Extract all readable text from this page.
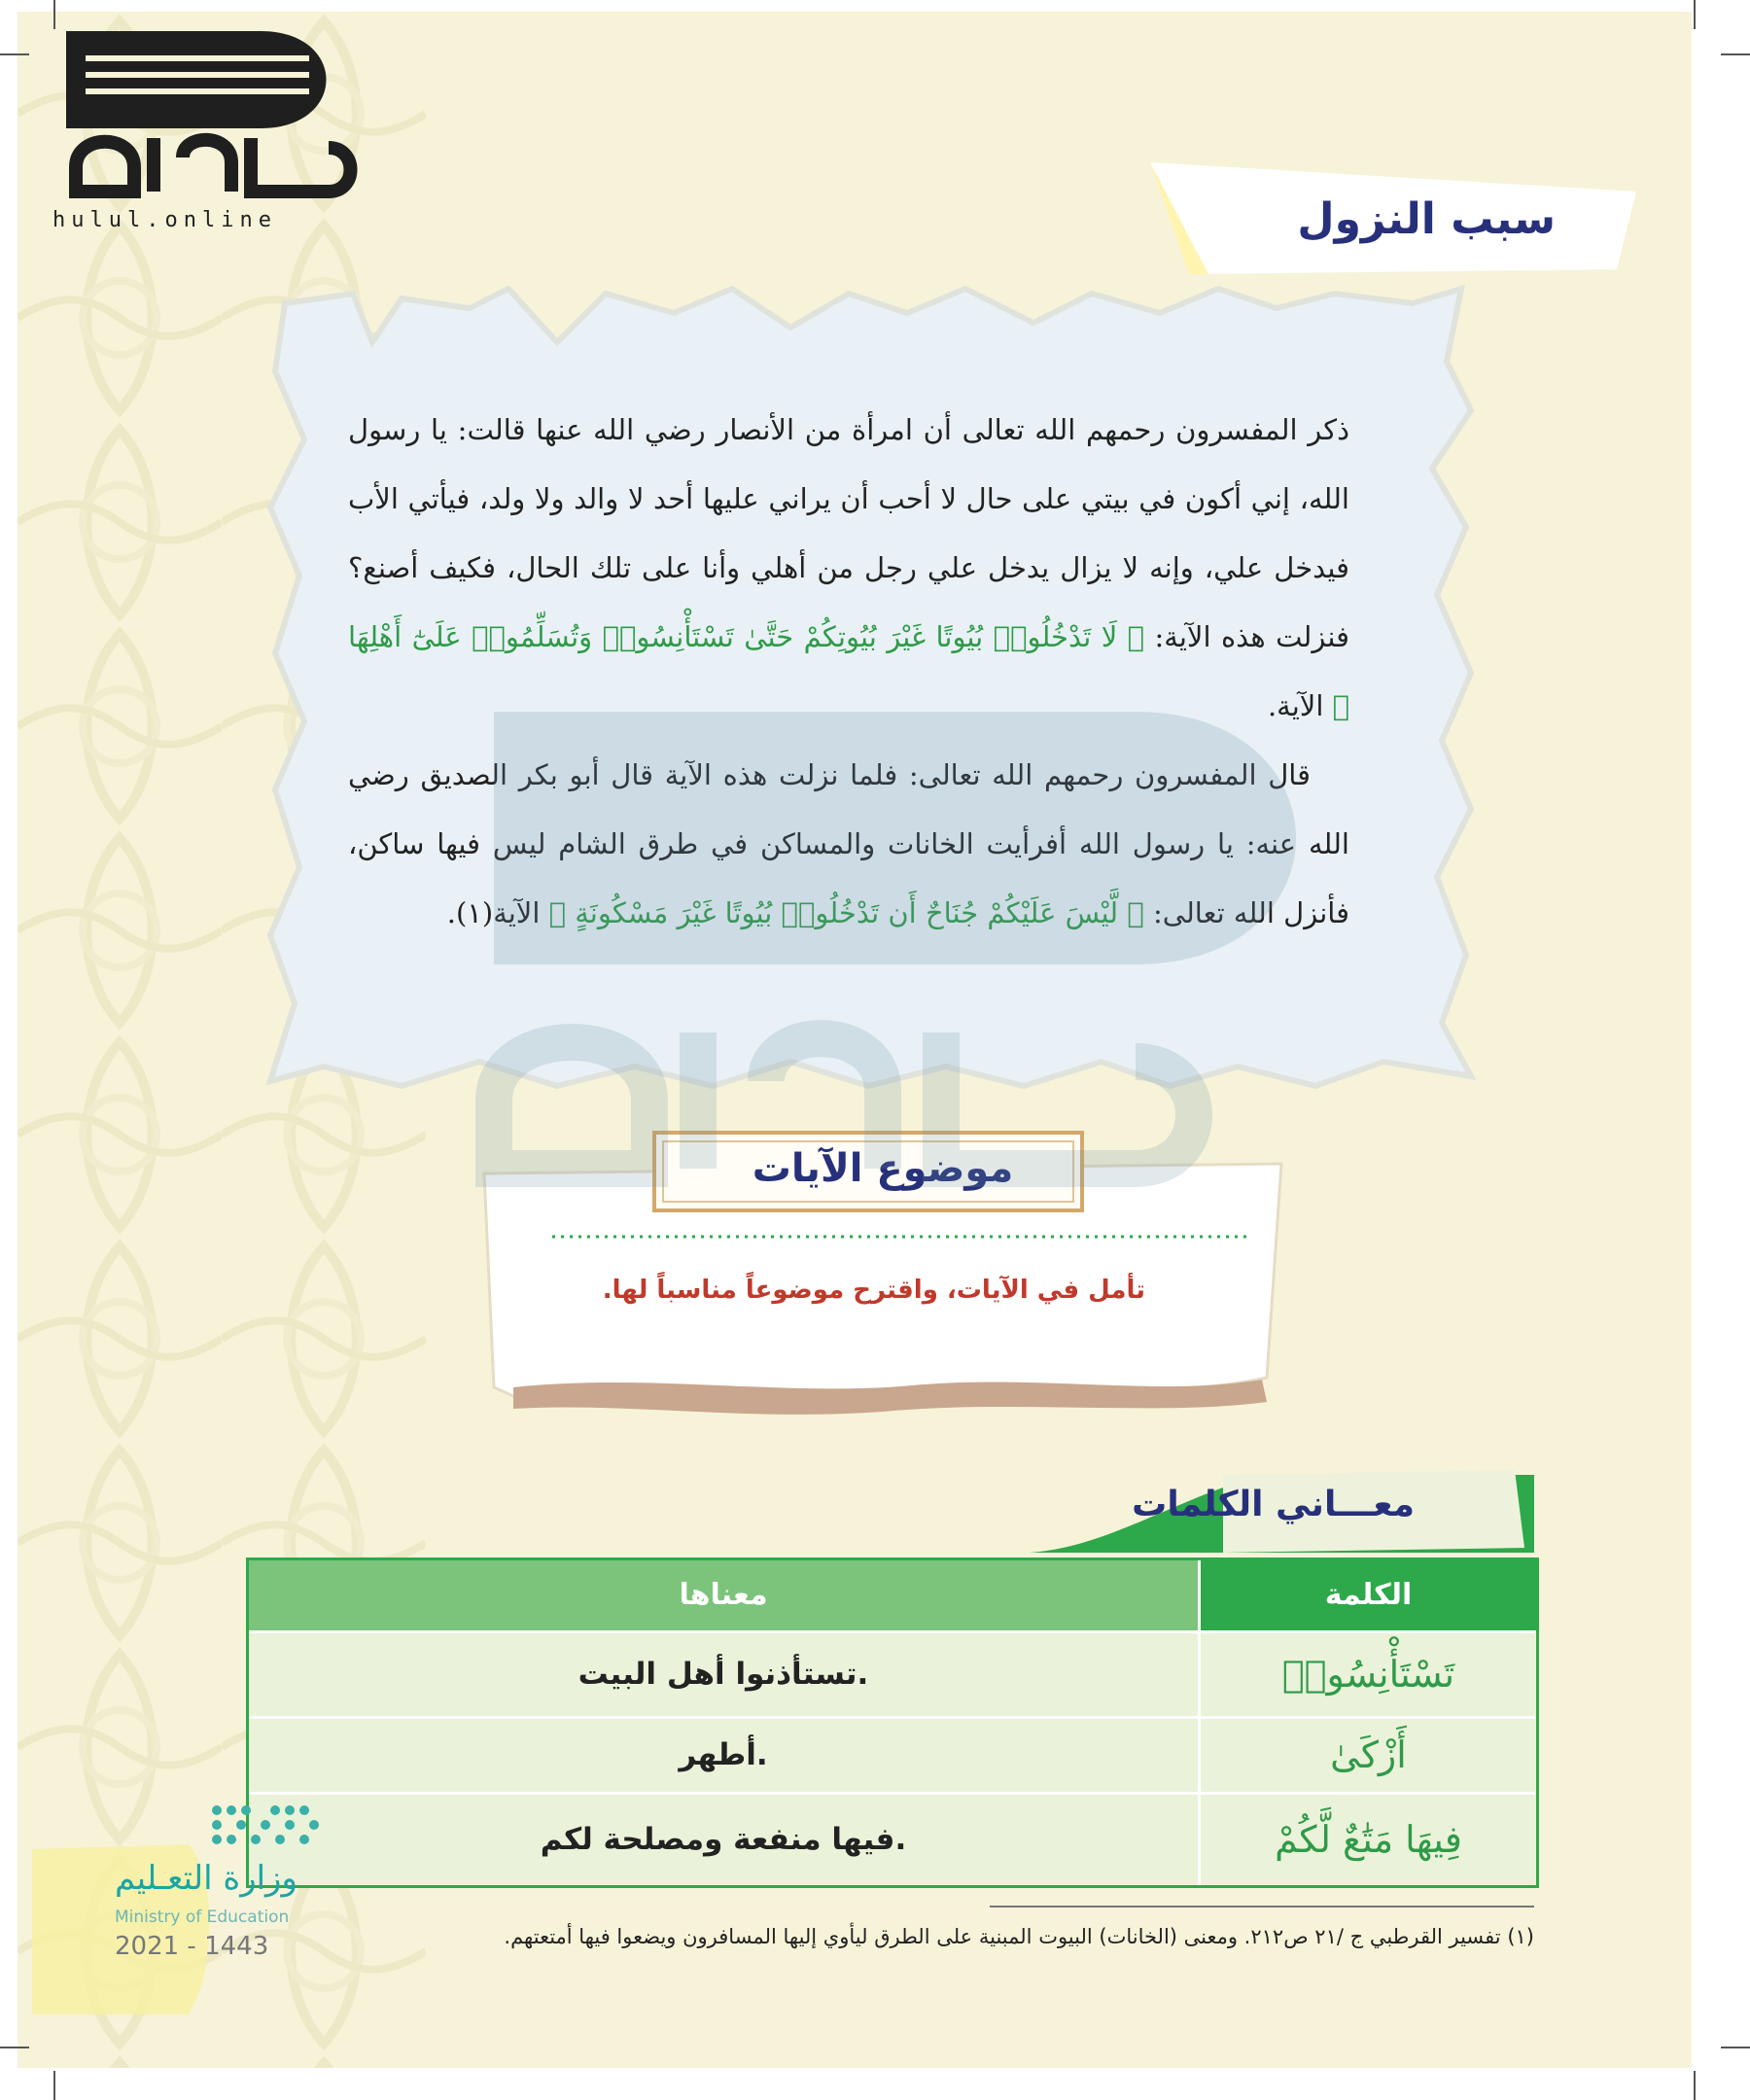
hulul.online	سبب النزول

ذكر المفسرون رحمهم الله تعالى أن امرأة من الأنصار رضي الله عنها قالت: يا رسول الله، إني أكون في بيتي على حال لا أحب أن يراني عليها أحد لا والد ولا ولد، فيأتي الأب فيدخل علي، وإنه لا يزال يدخل علي رجل من أهلي وأنا على تلك الحال، فكيف أصنع؟ فنزلت هذه الآية: ﴿ لَا تَدْخُلُوا۟ بُيُوتًا غَيْرَ بُيُوتِكُمْ حَتَّىٰ تَسْتَأْنِسُوا۟ وَتُسَلِّمُوا۟ عَلَىٰٓ أَهْلِهَا ﴾ الآية.

قال المفسرون رحمهم الله تعالى: فلما نزلت هذه الآية قال أبو بكر الصديق رضي الله عنه: يا رسول الله أفرأيت الخانات والمساكن في طرق الشام ليس فيها ساكن، فأنزل الله تعالى: ﴿ لَّيْسَ عَلَيْكُمْ جُنَاحٌ أَن تَدْخُلُوا۟ بُيُوتًا غَيْرَ مَسْكُونَةٍ ﴾ الآية(١).

موضوع الآيات
تأمل في الآيات، واقترح موضوعاً مناسباً لها.
معـــاني الكلمات
الكلمة
معناها
تَسْتَأْنِسُوا۟
تستأذنوا أهل البيت.
أَزْكَىٰ
أطهر.
فِيهَا مَتَٰعٌ لَّكُمْ
فيها منفعة ومصلحة لكم.
وزارة التعـليم
Ministry of Education
2021 - 1443	(١) تفسير القرطبي ج /٢١ ص٢١٢. ومعنى (الخانات) البيوت المبنية على الطرق ليأوي إليها المسافرون ويضعوا فيها أمتعتهم.
